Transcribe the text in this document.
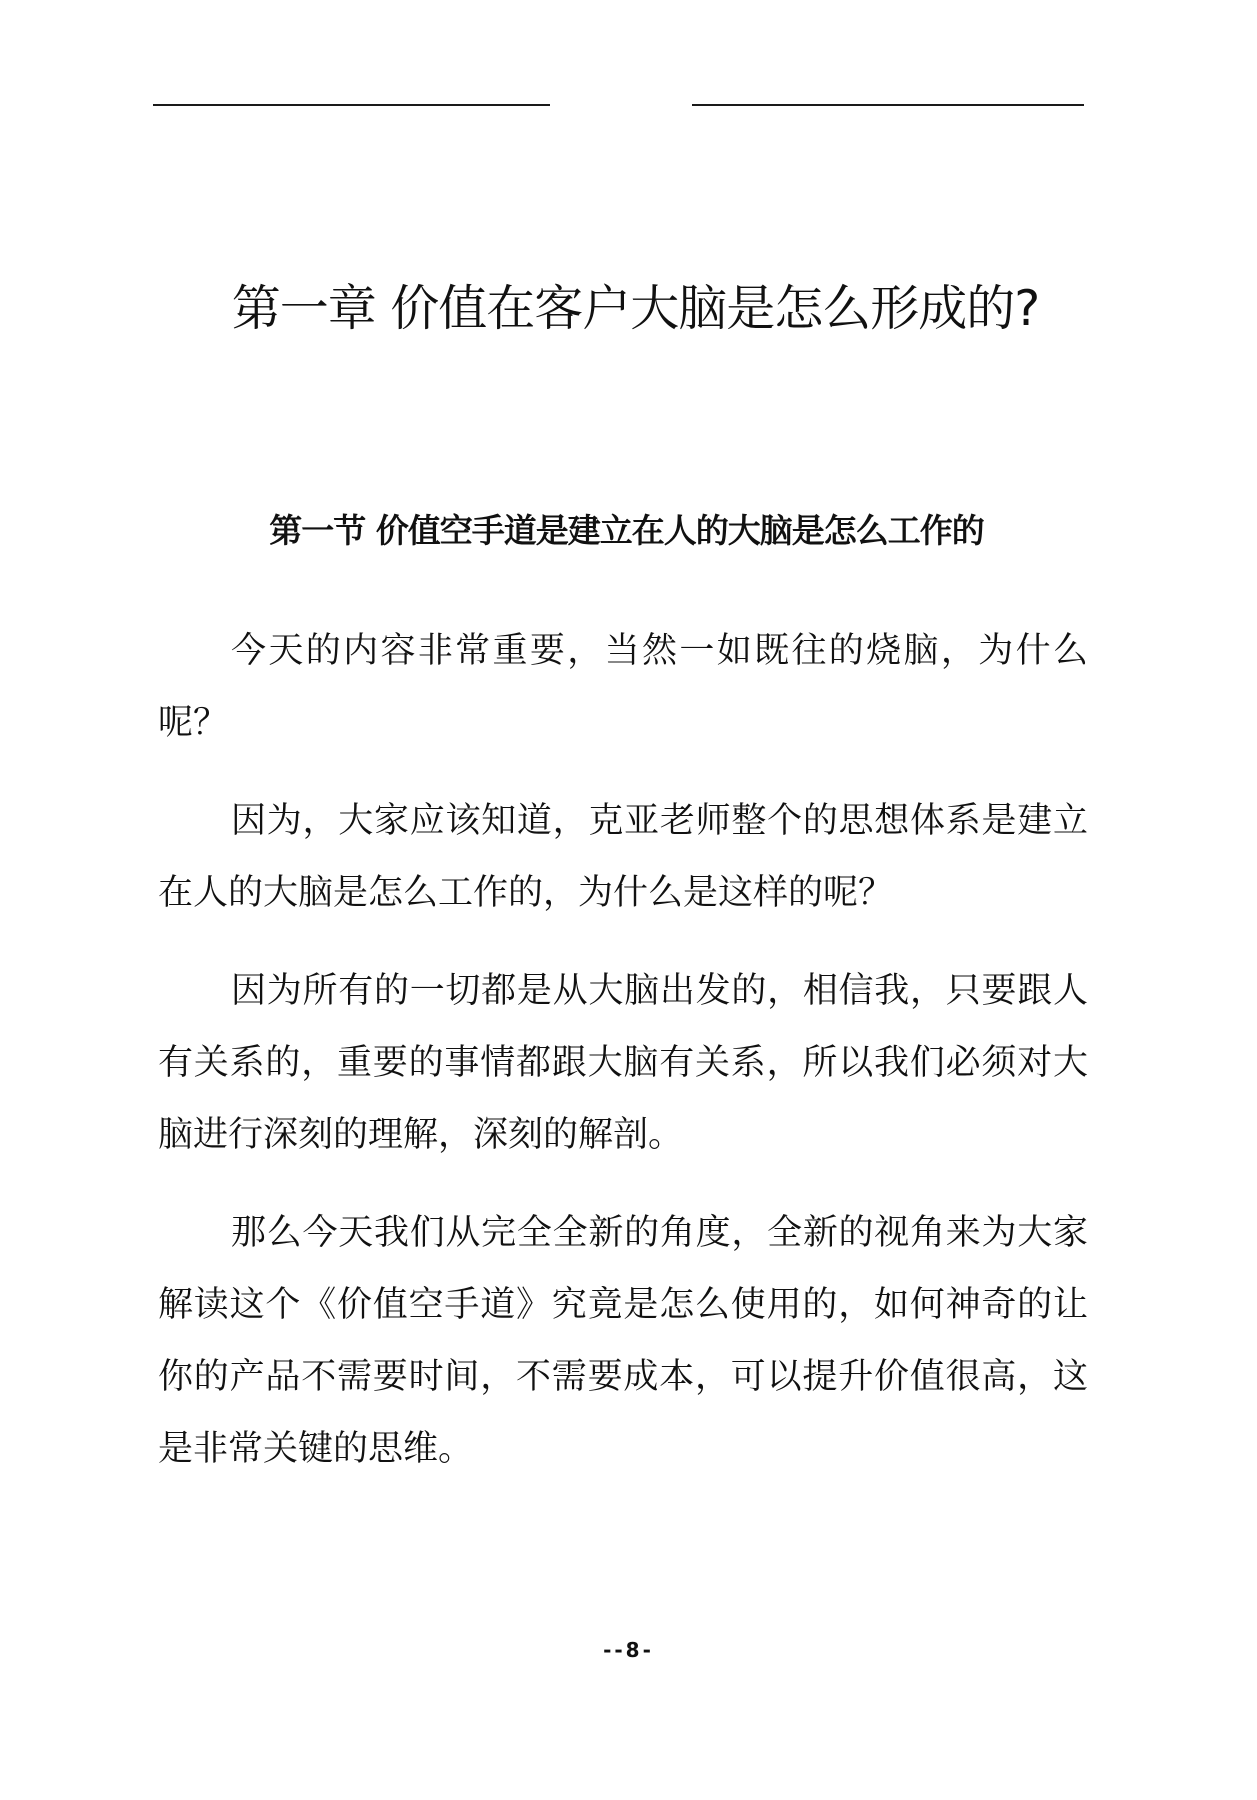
第一章 价值在客户大脑是怎么形成的?
第一节 价值空手道是建立在人的大脑是怎么工作的

今天的内容非常重要，当然一如既往的烧脑，为什么呢？

因为，大家应该知道，克亚老师整个的思想体系是建立在人的大脑是怎么工作的，为什么是这样的呢？

因为所有的一切都是从大脑出发的，相信我，只要跟人有关系的，重要的事情都跟大脑有关系，所以我们必须对大脑进行深刻的理解，深刻的解剖。

那么今天我们从完全全新的角度，全新的视角来为大家解读这个《价值空手道》究竟是怎么使用的，如何神奇的让你的产品不需要时间，不需要成本，可以提升价值很高，这是非常关键的思维。

--8-
